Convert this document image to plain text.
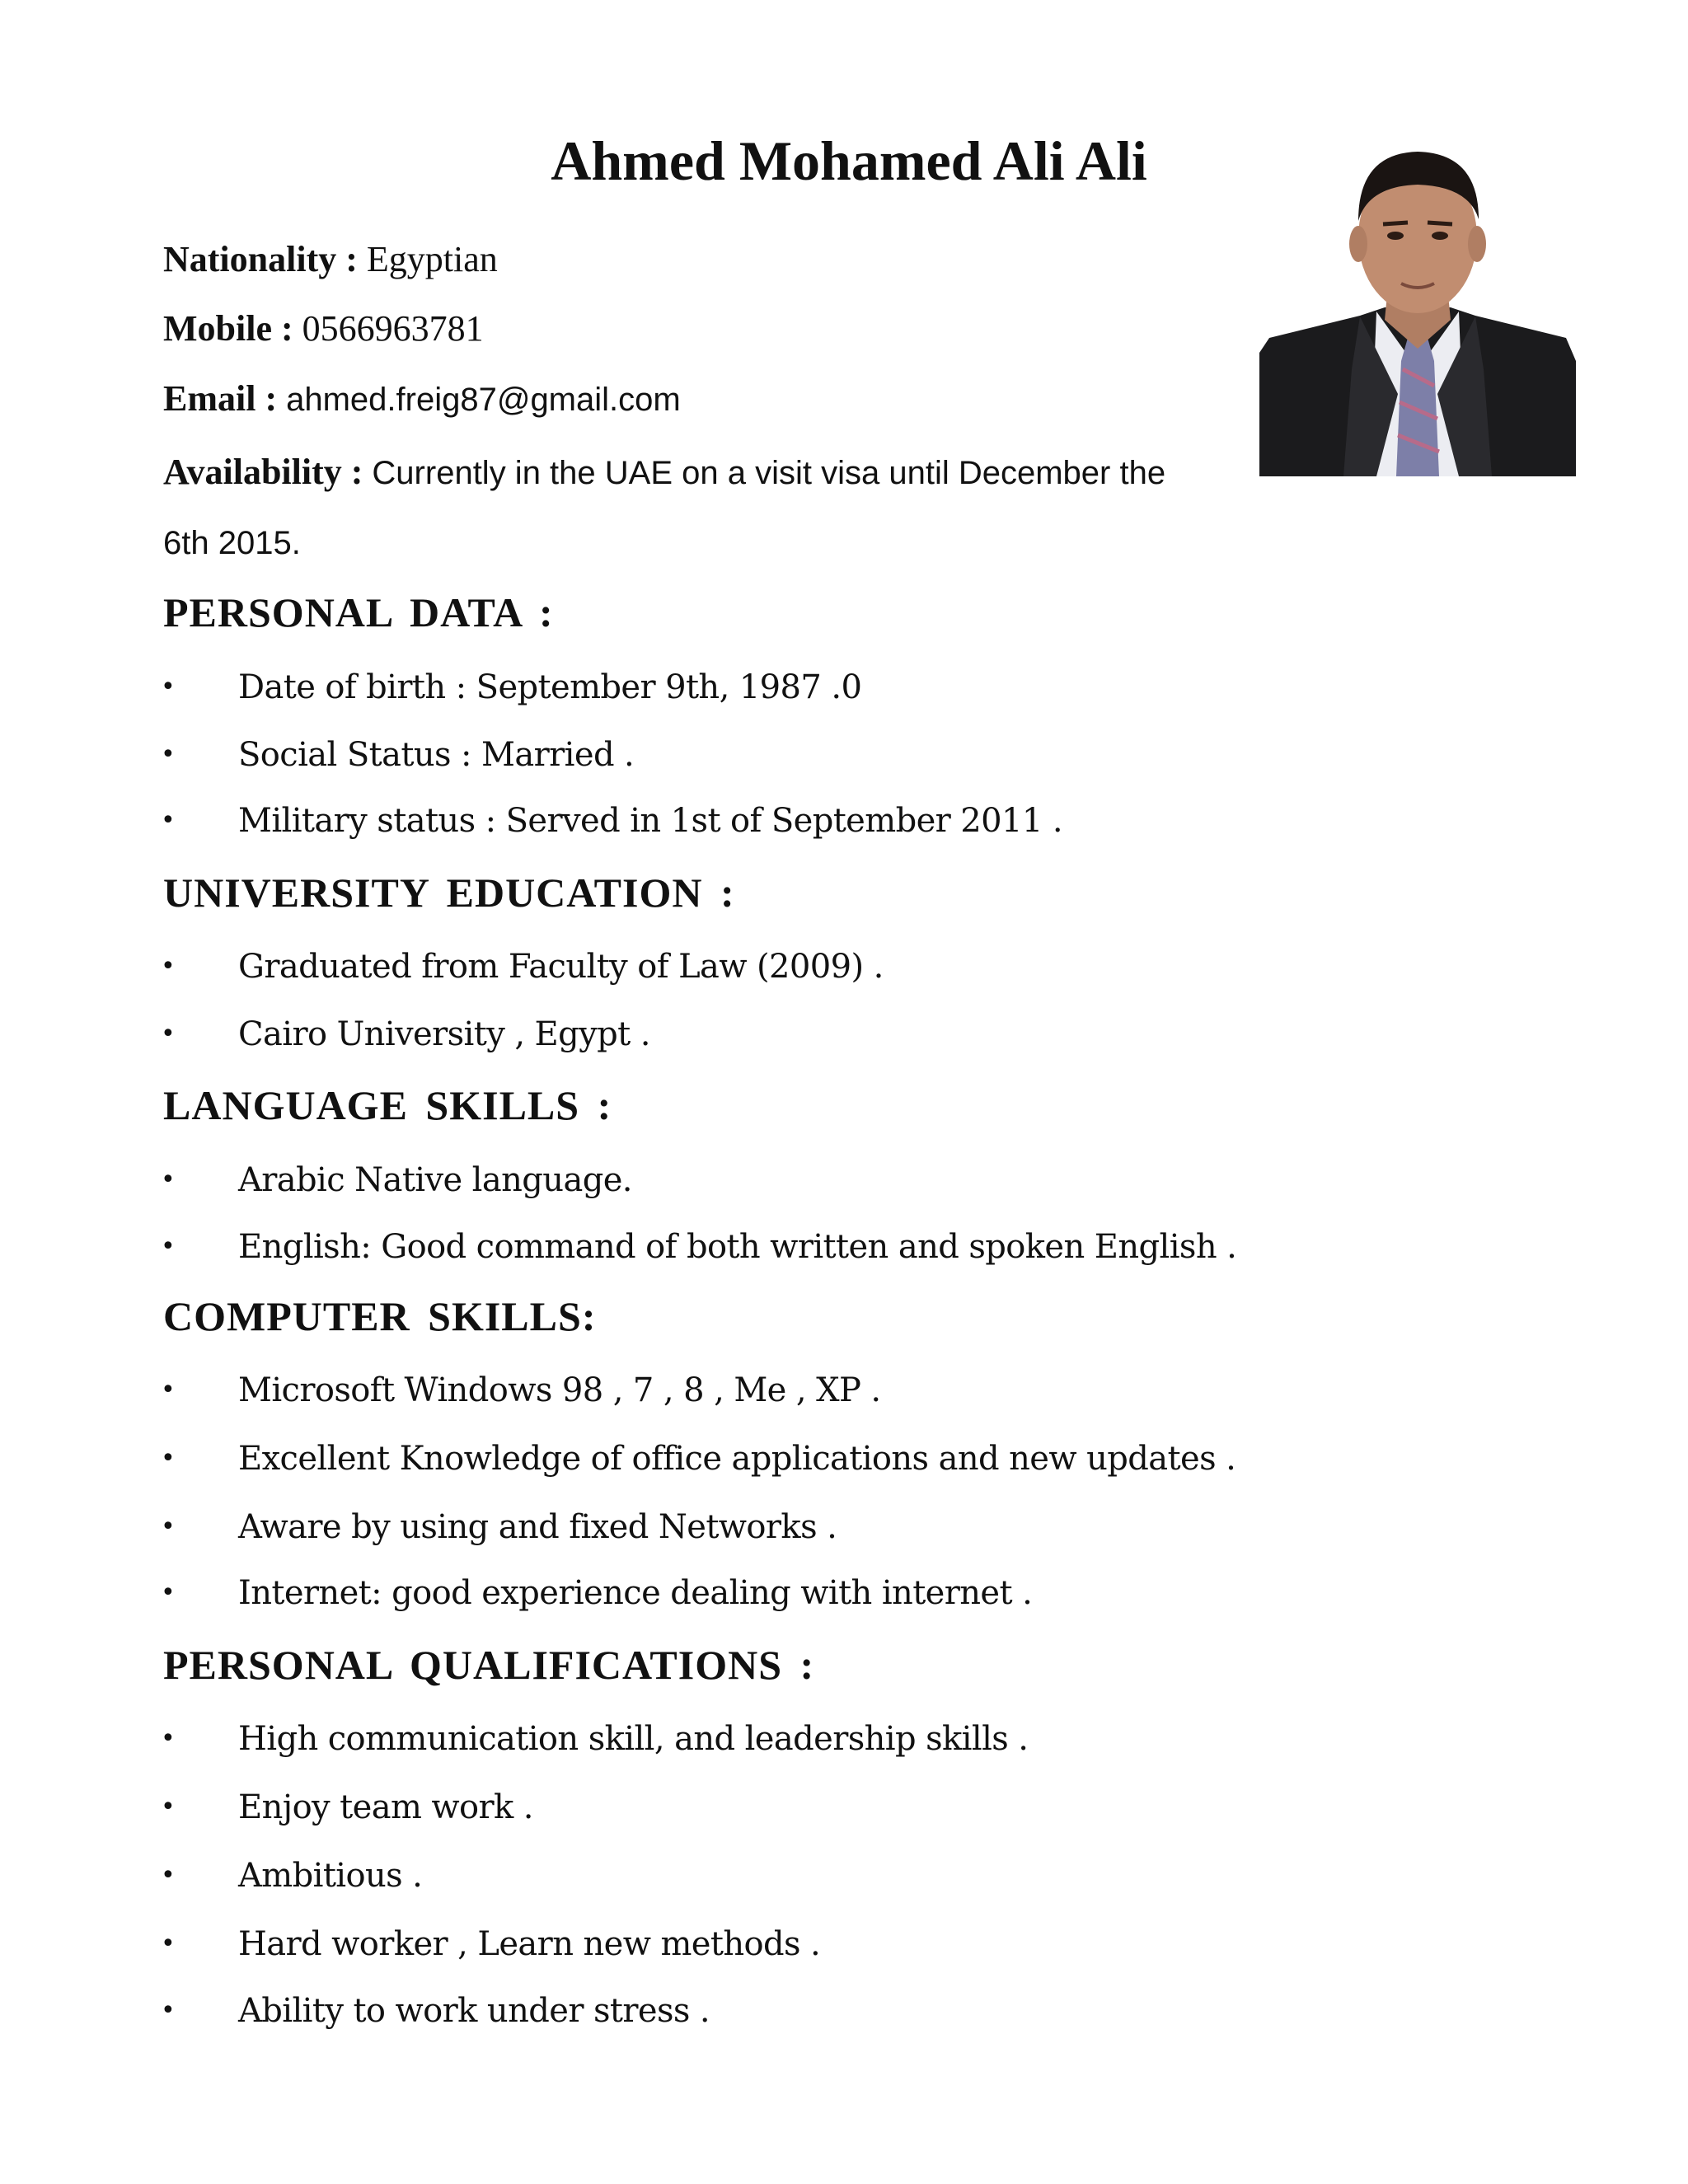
Ahmed Mohamed Ali Ali
Nationality : Egyptian
Mobile : 0566963781
Email : ahmed.freig87@gmail.com
Availability : Currently in the UAE on a visit visa until December the
6th 2015.
PERSONAL DATA :
• Date of birth : September 9th, 1987 .0
• Social Status : Married .
• Military status : Served in 1st of September 2011 .
UNIVERSITY EDUCATION :
• Graduated from Faculty of Law (2009) .
• Cairo University , Egypt .
LANGUAGE SKILLS :
• Arabic Native language.
• English: Good command of both written and spoken English .
COMPUTER SKILLS:
• Microsoft Windows 98 , 7 , 8 , Me , XP .
• Excellent Knowledge of office applications and new updates .
• Aware by using and fixed Networks .
• Internet: good experience dealing with internet .
PERSONAL QUALIFICATIONS :
• High communication skill, and leadership skills .
• Enjoy team work .
• Ambitious .
• Hard worker , Learn new methods .
• Ability to work under stress .
